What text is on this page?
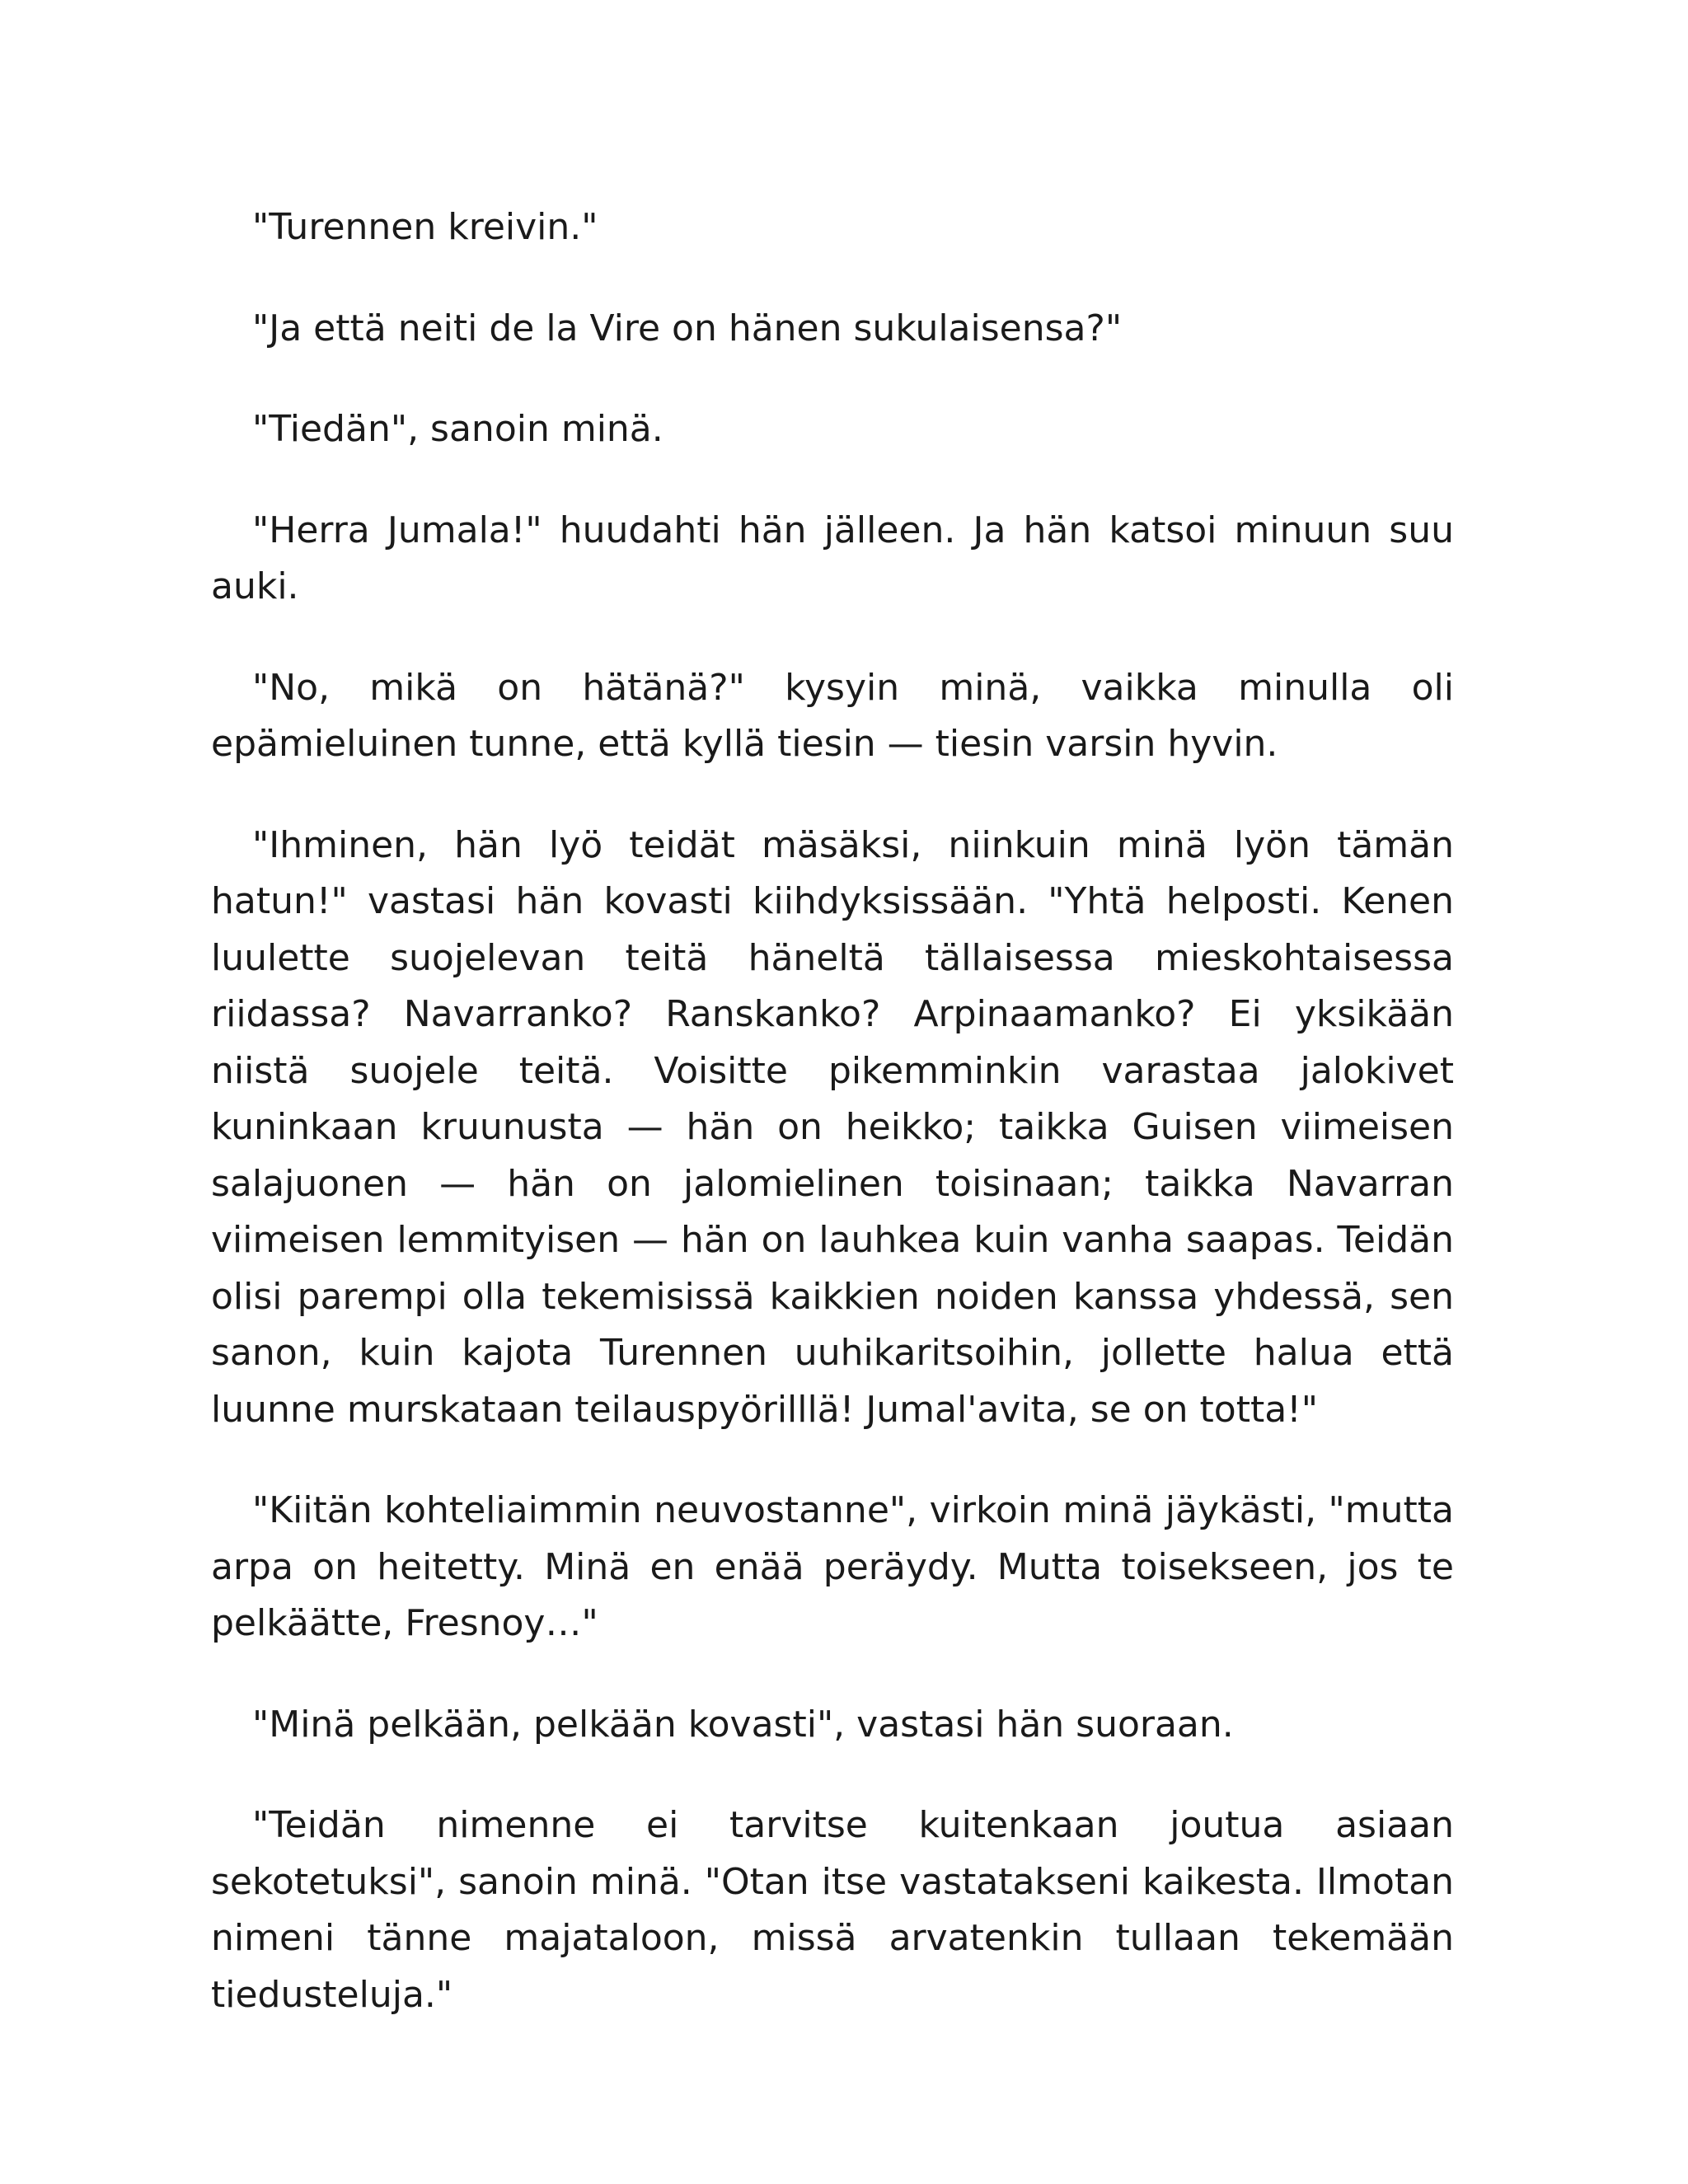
"Turennen kreivin."

"Ja että neiti de la Vire on hänen sukulaisensa?"

"Tiedän", sanoin minä.

"Herra Jumala!" huudahti hän jälleen. Ja hän katsoi minuun suu auki.

"No, mikä on hätänä?" kysyin minä, vaikka minulla oli epämieluinen tunne, että kyllä tiesin — tiesin varsin hyvin.

"Ihminen, hän lyö teidät mäsäksi, niinkuin minä lyön tämän hatun!" vastasi hän kovasti kiihdyksissään. "Yhtä helposti. Kenen luulette suojelevan teitä häneltä tällaisessa mieskohtaisessa riidassa? Navarranko? Ranskanko? Arpinaamanko? Ei yksikään niistä suojele teitä. Voisitte pikemminkin varastaa jalokivet kuninkaan kruunusta — hän on heikko; taikka Guisen viimeisen salajuonen — hän on jalomielinen toisinaan; taikka Navarran viimeisen lemmityisen — hän on lauhkea kuin vanha saapas. Teidän olisi parempi olla tekemisissä kaikkien noiden kanssa yhdessä, sen sanon, kuin kajota Turennen uuhikaritsoihin, jollette halua että luunne murskataan teilauspyörilllä! Jumal'avita, se on totta!"

"Kiitän kohteliaimmin neuvostanne", virkoin minä jäykästi, "mutta arpa on heitetty. Minä en enää peräydy. Mutta toisekseen, jos te pelkäätte, Fresnoy…"

"Minä pelkään, pelkään kovasti", vastasi hän suoraan.

"Teidän nimenne ei tarvitse kuitenkaan joutua asiaan sekotetuksi", sanoin minä. "Otan itse vastatakseni kaikesta. Ilmotan nimeni tänne majataloon, missä arvatenkin tullaan tekemään tiedusteluja."
